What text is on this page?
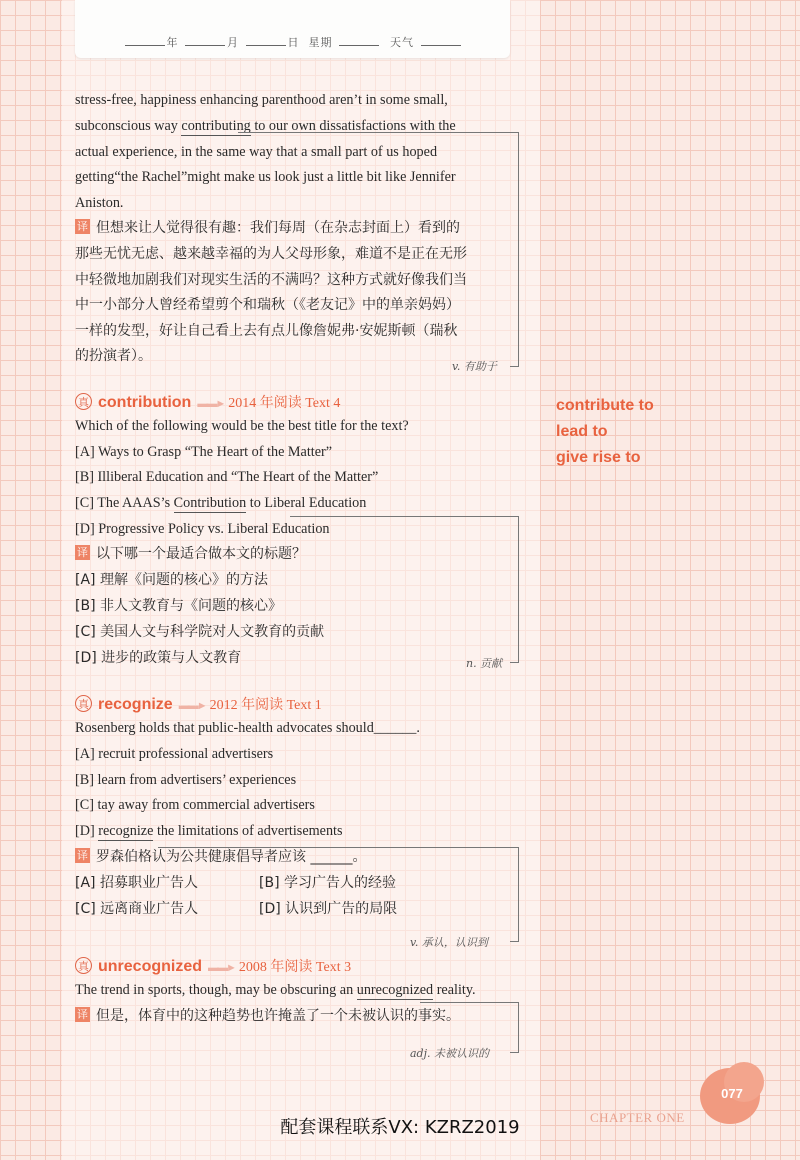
年	月	日 星期	天气
stress-free, happiness enhancing parenthood aren’t in some small,
subconscious way contributing to our own dissatisfactions with the
actual experience, in the same way that a small part of us hoped
getting“the Rachel”might make us look just a little bit like Jennifer
Aniston.
译 但想来让人觉得很有趣：我们每周（在杂志封面上）看到的
那些无忧无虑、越来越幸福的为人父母形象，难道不是正在无形
中轻微地加剧我们对现实生活的不满吗？这种方式就好像我们当
中一小部分人曾经希望剪个和瑞秋（《老友记》中的单亲妈妈）
一样的发型，好让自己看上去有点儿像詹妮弗·安妮斯顿（瑞秋
的扮演者）。
v. 有助于
真 contribution ▬▬► 2014 年阅读 Text 4
Which of the following would be the best title for the text?
[A] Ways to Grasp “The Heart of the Matter”
[B] Illiberal Education and “The Heart of the Matter”
[C] The AAAS’s Contribution to Liberal Education
[D] Progressive Policy vs. Liberal Education
译 以下哪一个最适合做本文的标题？
[A] 理解《问题的核心》的方法
[B] 非人文教育与《问题的核心》
[C] 美国人文与科学院对人文教育的贡献
[D] 进步的政策与人文教育	n. 贡献
真 recognize ▬▬► 2012 年阅读 Text 1
Rosenberg holds that public-health advocates should______.
[A] recruit professional advertisers
[B] learn from advertisers’ experiences
[C] tay away from commercial advertisers
[D] recognize the limitations of advertisements
译 罗森伯格认为公共健康倡导者应该 ______。
[A] 招募职业广告人	[B] 学习广告人的经验
[C] 远离商业广告人	[D] 认识到广告的局限
v. 承认，认识到
真 unrecognized ▬▬► 2008 年阅读 Text 3
The trend in sports, though, may be obscuring an unrecognized reality.
译 但是，体育中的这种趋势也许掩盖了一个未被认识的事实。
adj. 未被认识的
contribute to
lead to
give rise to
CHAPTER ONE
077
配套课程联系VX: KZRZ2019
